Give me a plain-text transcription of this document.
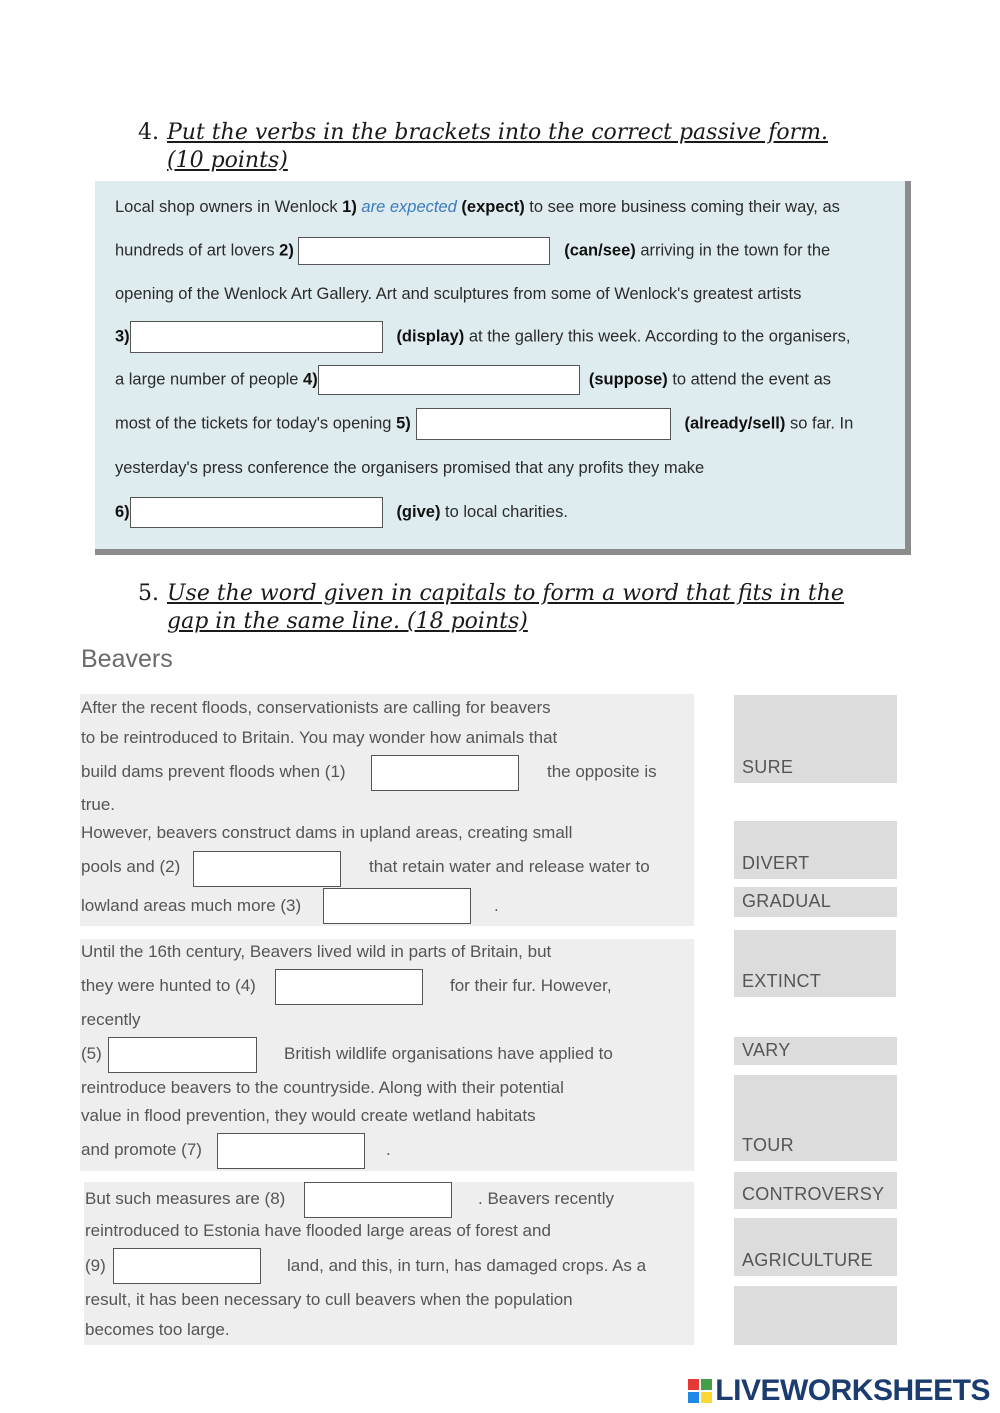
4. Put the verbs in the brackets into the correct passive form.
(10 points)
Local shop owners in Wenlock 1) are expected (expect) to see more business coming their way, as
hundreds of art lovers 2)	(can/see) arriving in the town for the
opening of the Wenlock Art Gallery. Art and sculptures from some of Wenlock's greatest artists
3)	(display) at the gallery this week. According to the organisers,
a large number of people 4)	(suppose) to attend the event as
most of the tickets for today's opening 5)	(already/sell) so far. In
yesterday's press conference the organisers promised that any profits they make
6)	(give) to local charities.
5. Use the word given in capitals to form a word that fits in the
gap in the same line. (18 points)
Beavers
After the recent floods, conservationists are calling for beavers
to be reintroduced to Britain. You may wonder how animals that
build dams prevent floods when (1)	the opposite is
true.
However, beavers construct dams in upland areas, creating small
pools and (2)	that retain water and release water to
lowland areas much more (3)	.
Until the 16th century, Beavers lived wild in parts of Britain, but
they were hunted to (4)	for their fur. However,
recently
(5)	British wildlife organisations have applied to
reintroduce beavers to the countryside. Along with their potential
value in flood prevention, they would create wetland habitats
and promote (7)	.
But such measures are (8)	. Beavers recently
reintroduced to Estonia have flooded large areas of forest and
(9)	land, and this, in turn, has damaged crops. As a
result, it has been necessary to cull beavers when the population
becomes too large.
SURE
DIVERT
GRADUAL
EXTINCT
VARY
TOUR
CONTROVERSY
AGRICULTURE
LIVEWORKSHEETS
